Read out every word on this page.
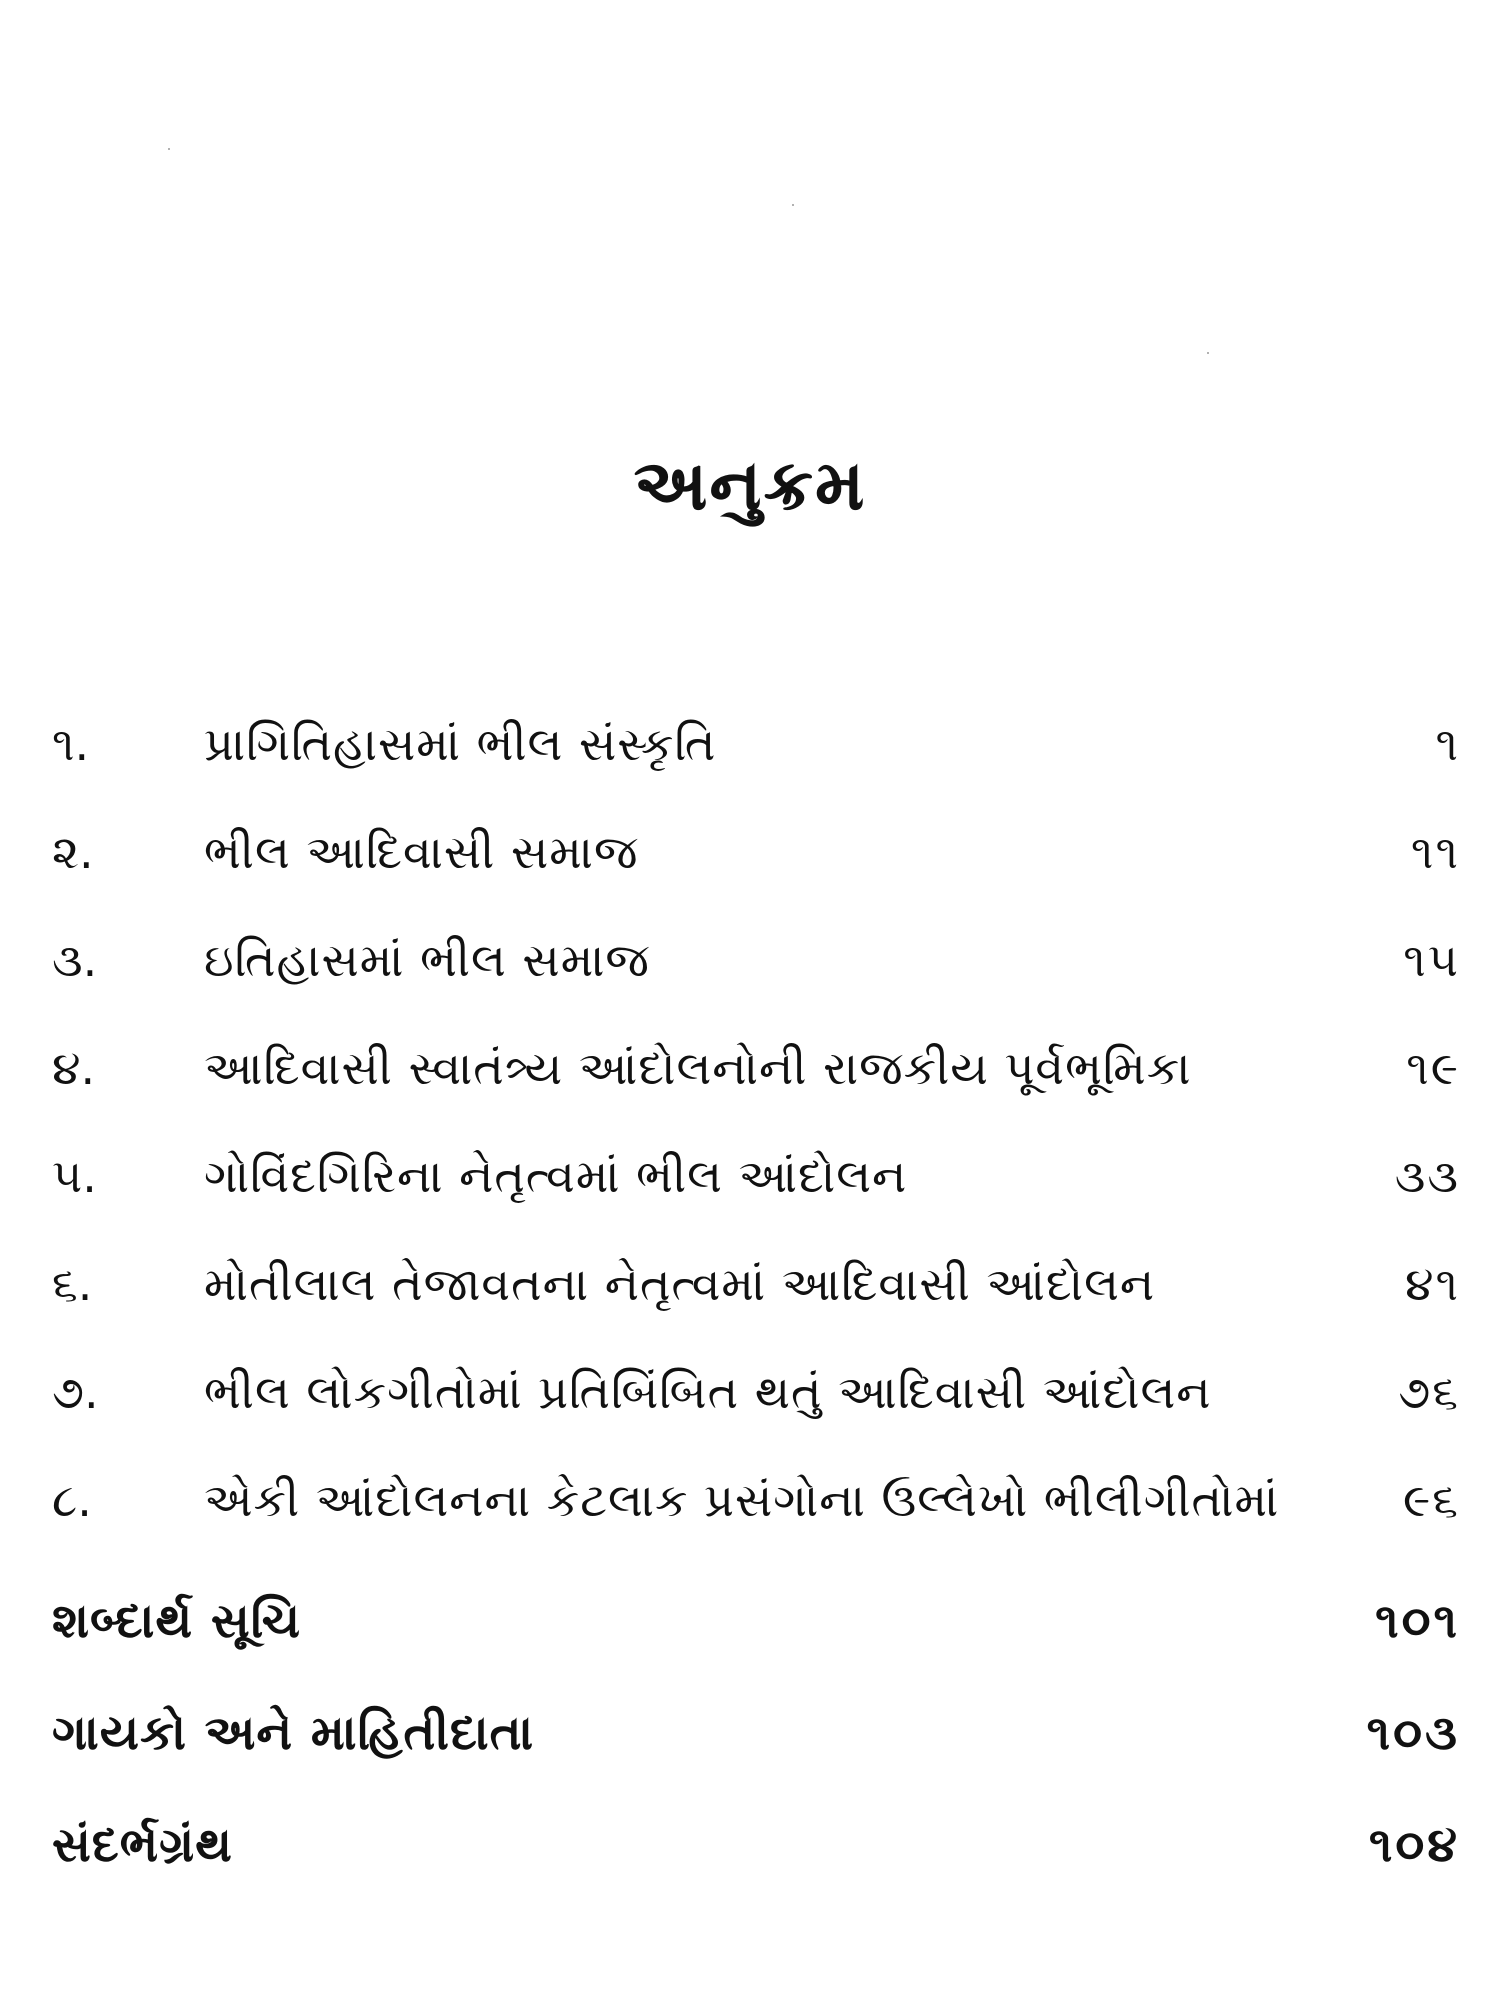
અનુક્રમ
૧.	પ્રાગિતિહાસમાં ભીલ સંસ્કૃતિ	૧
૨.	ભીલ આદિવાસી સમાજ	૧૧
૩.	ઇતિહાસમાં ભીલ સમાજ	૧૫
૪.	આદિવાસી સ્વાતંત્ર્ય આંદોલનોની રાજકીય પૂર્વભૂમિકા	૧૯
૫.	ગોવિંદગિરિના નેતૃત્વમાં ભીલ આંદોલન	૩૩
૬.	મોતીલાલ તેજાવતના નેતૃત્વમાં આદિવાસી આંદોલન	૪૧
૭.	ભીલ લોકગીતોમાં પ્રતિબિંબિત થતું આદિવાસી આંદોલન	૭૬
૮.	એકી આંદોલનના કેટલાક પ્રસંગોના ઉલ્લેખો ભીલીગીતોમાં	૯૬
શબ્દાર્થ સૂચિ	૧૦૧
ગાયકો અને માહિતીદાતા	૧૦૩
સંદર્ભગ્રંથ	૧૦૪
